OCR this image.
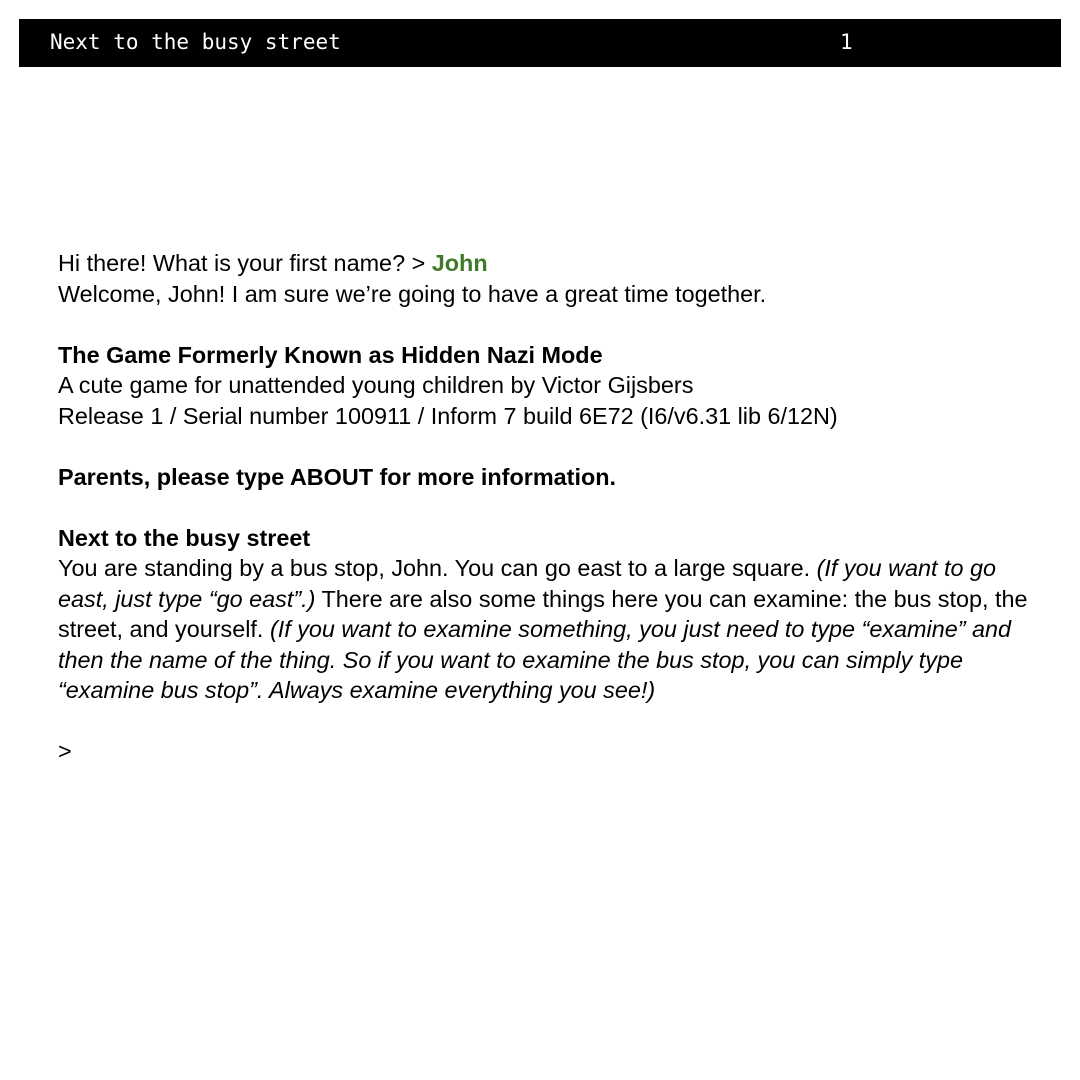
Next to the busy street	1

Hi there! What is your first name? > John
Welcome, John! I am sure we’re going to have a great time together.

The Game Formerly Known as Hidden Nazi Mode
A cute game for unattended young children by Victor Gijsbers
Release 1 / Serial number 100911 / Inform 7 build 6E72 (I6/v6.31 lib 6/12N)

Parents, please type ABOUT for more information.

Next to the busy street
You are standing by a bus stop, John. You can go east to a large square. (If you want to go east, just type “go east”.) There are also some things here you can examine: the bus stop, the street, and yourself. (If you want to examine something, you just need to type “examine” and then the name of the thing. So if you want to examine the bus stop, you can simply type “examine bus stop”. Always examine everything you see!)

>
